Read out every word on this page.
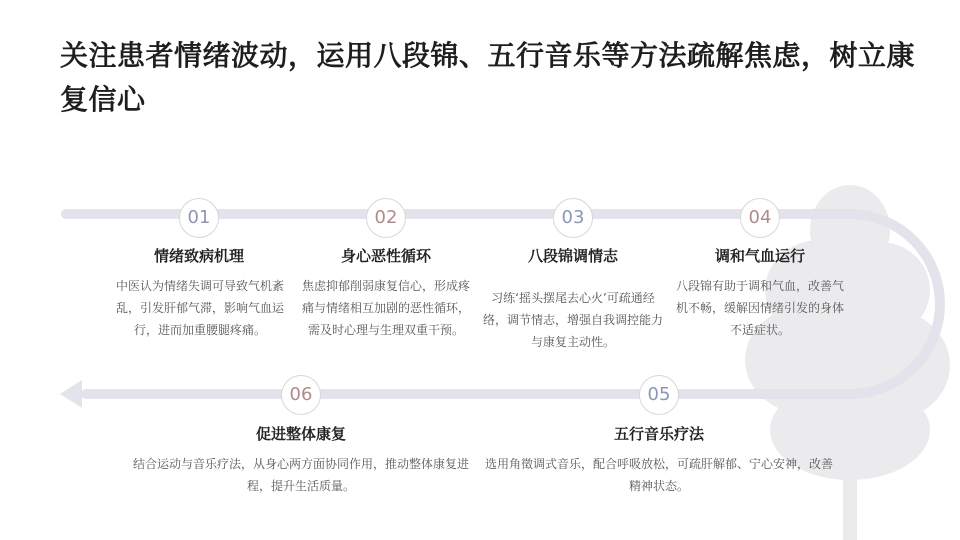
关注患者情绪波动，运用八段锦、五行音乐等方法疏解焦虑，树立康复信心
01
情绪致病机理
中医认为情绪失调可导致气机紊乱，引发肝郁气滞，影响气血运行，进而加重腰腿疼痛。
02
身心恶性循环
焦虑抑郁削弱康复信心，形成疼痛与情绪相互加剧的恶性循环，需及时心理与生理双重干预。
03
八段锦调情志
习练‘摇头摆尾去心火’可疏通经络，调节情志，增强自我调控能力与康复主动性。
04
调和气血运行
八段锦有助于调和气血，改善气机不畅，缓解因情绪引发的身体不适症状。
05
五行音乐疗法
选用角徵调式音乐，配合呼吸放松，可疏肝解郁、宁心安神，改善精神状态。
06
促进整体康复
结合运动与音乐疗法，从身心两方面协同作用，推动整体康复进程，提升生活质量。
